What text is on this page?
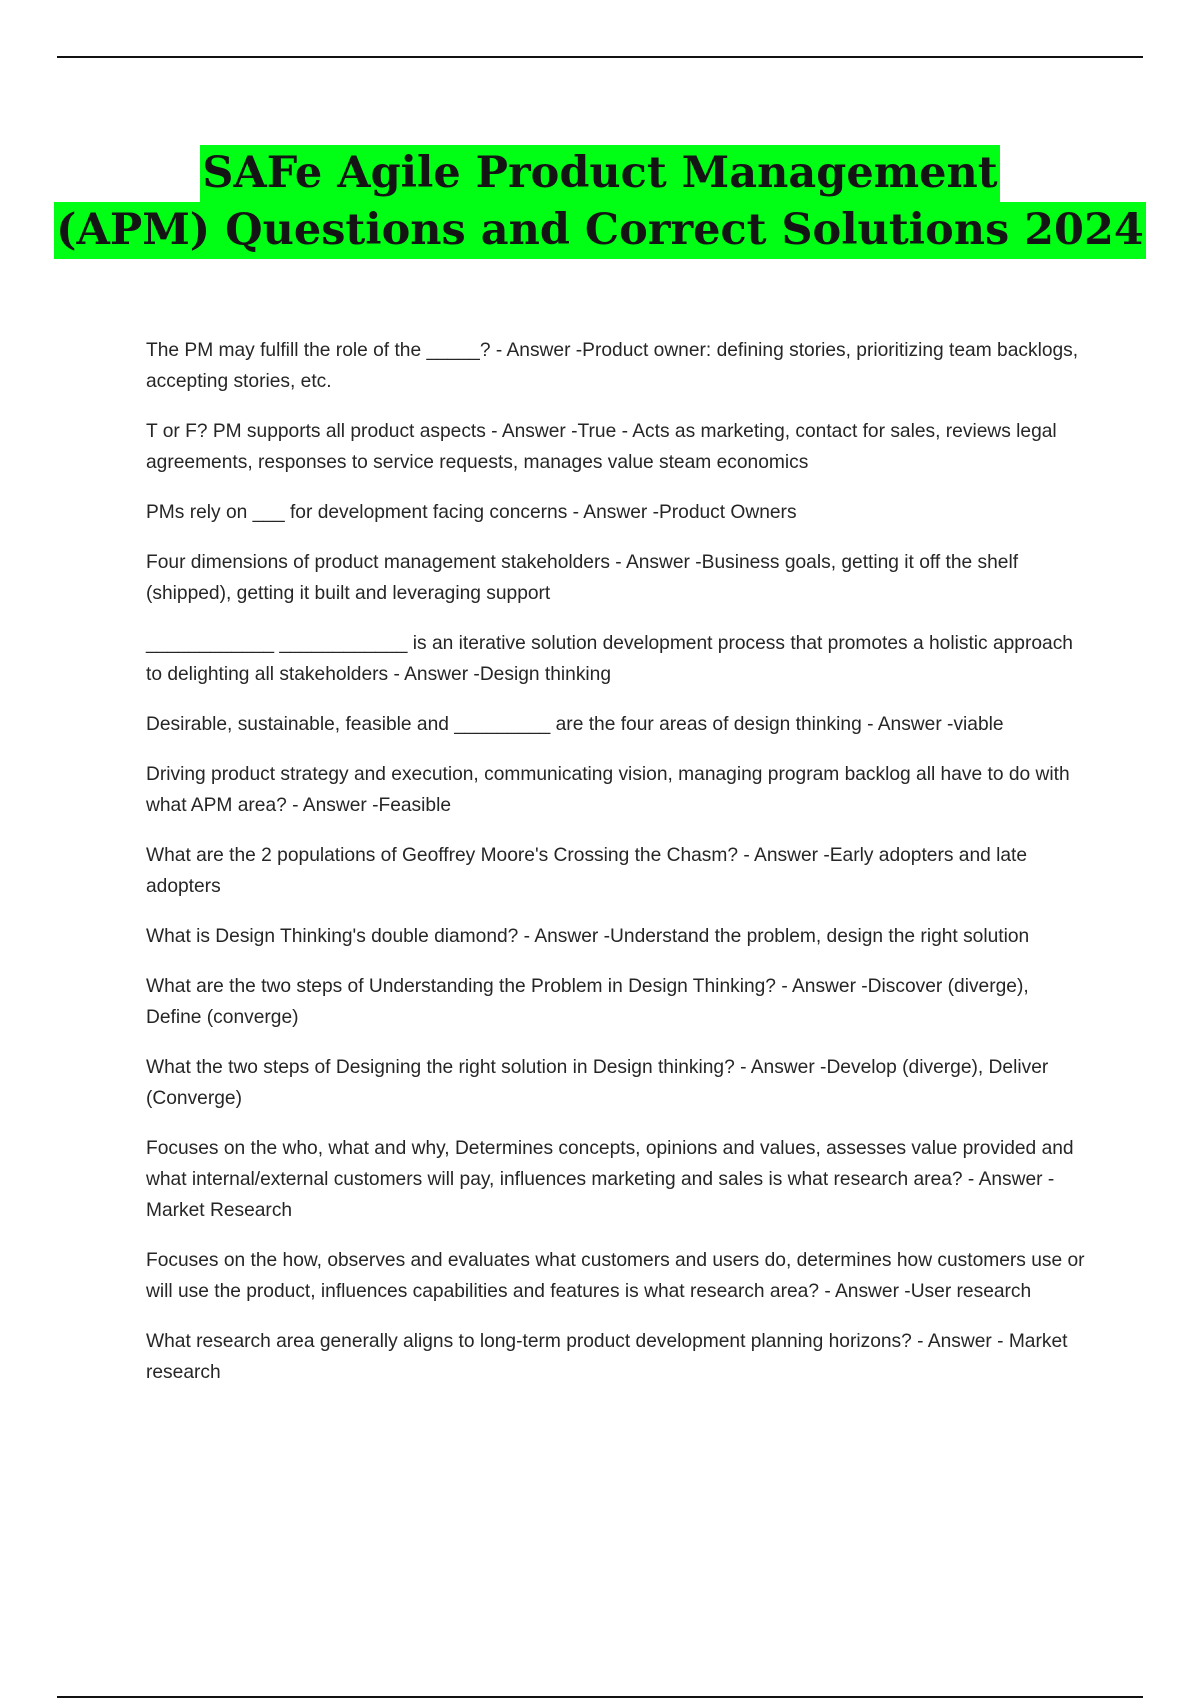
SAFe Agile Product Management
(APM) Questions and Correct Solutions 2024

The PM may fulfill the role of the _____? - Answer -Product owner: defining stories, prioritizing team backlogs, accepting stories, etc.

T or F? PM supports all product aspects - Answer -True - Acts as marketing, contact for sales, reviews legal agreements, responses to service requests, manages value steam economics

PMs rely on ___ for development facing concerns - Answer -Product Owners

Four dimensions of product management stakeholders - Answer -Business goals, getting it off the shelf (shipped), getting it built and leveraging support

____________ ____________ is an iterative solution development process that promotes a holistic approach to delighting all stakeholders - Answer -Design thinking

Desirable, sustainable, feasible and _________ are the four areas of design thinking - Answer -viable

Driving product strategy and execution, communicating vision, managing program backlog all have to do with what APM area? - Answer -Feasible

What are the 2 populations of Geoffrey Moore's Crossing the Chasm? - Answer -Early adopters and late adopters

What is Design Thinking's double diamond? - Answer -Understand the problem, design the right solution

What are the two steps of Understanding the Problem in Design Thinking? - Answer -Discover (diverge), Define (converge)

What the two steps of Designing the right solution in Design thinking? - Answer -Develop (diverge), Deliver (Converge)

Focuses on the who, what and why, Determines concepts, opinions and values, assesses value provided and what internal/external customers will pay, influences marketing and sales is what research area? - Answer -Market Research

Focuses on the how, observes and evaluates what customers and users do, determines how customers use or will use the product, influences capabilities and features is what research area? - Answer -User research

What research area generally aligns to long-term product development planning horizons? - Answer - Market research
